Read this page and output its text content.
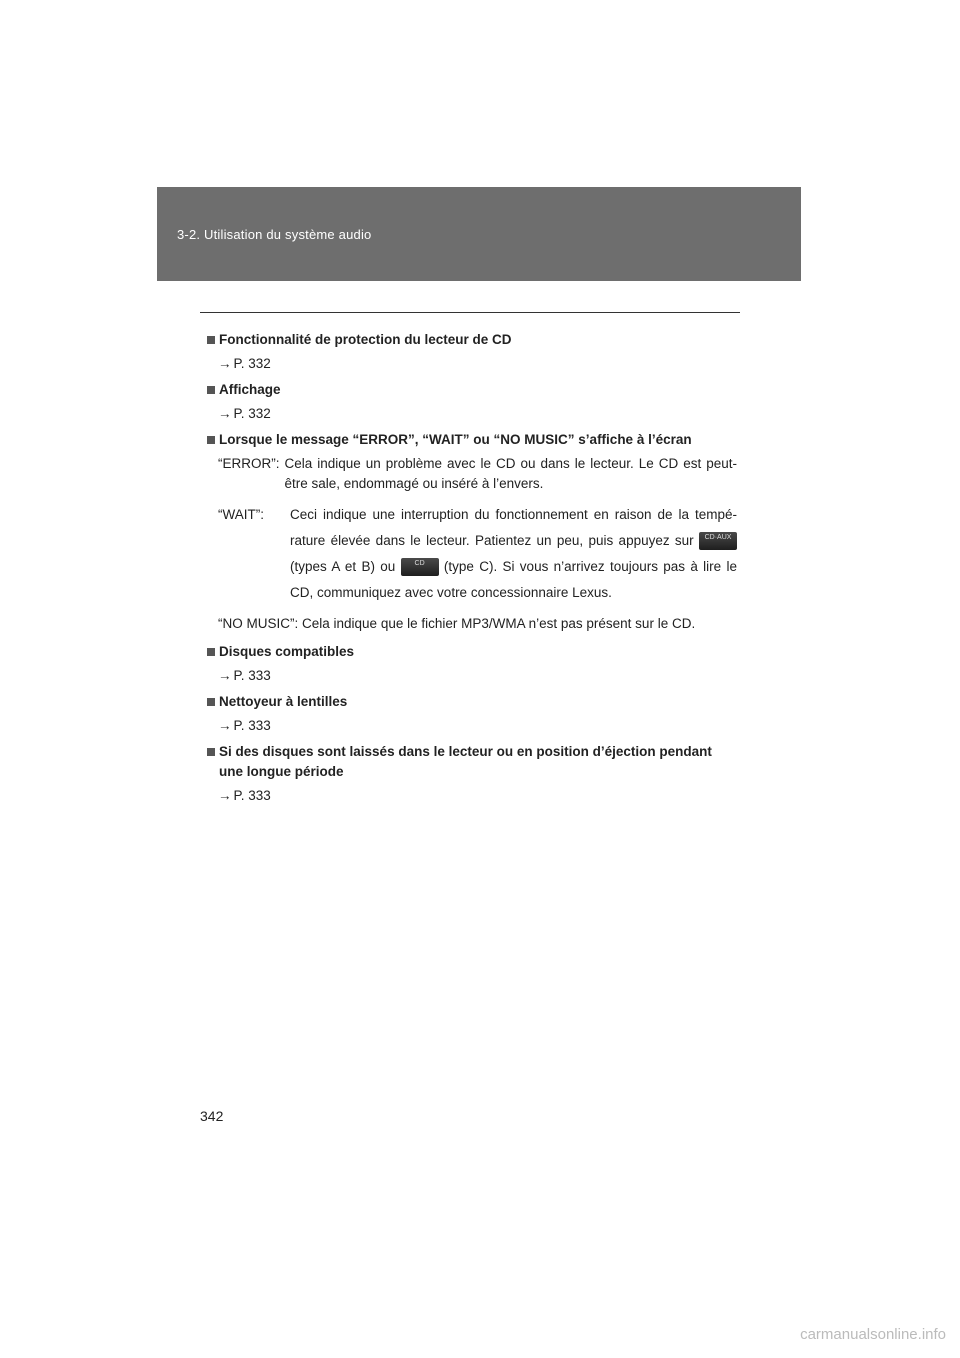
3-2. Utilisation du système audio
Fonctionnalité de protection du lecteur de CD
→ P. 332
Affichage
→ P. 332
Lorsque le message “ERROR”, “WAIT” ou “NO MUSIC” s’affiche à l’écran
“ERROR”: Cela indique un problème avec le CD ou dans le lecteur. Le CD est peut-être sale, endommagé ou inséré à l’envers.
“WAIT”:	Ceci indique une interruption du fonctionnement en raison de la tempé-rature élevée dans le lecteur. Patientez un peu, puis appuyez sur CD·AUX (types A et B) ou	CD (type C). Si vous n’arrivez toujours pas à lire le CD, communiquez avec votre concessionnaire Lexus.
“NO MUSIC”: Cela indique que le fichier MP3/WMA n’est pas présent sur le CD.
Disques compatibles
→ P. 333
Nettoyeur à lentilles
→ P. 333
Si des disques sont laissés dans le lecteur ou en position d’éjection pendant une longue période
→ P. 333
342
carmanualsonline.info
